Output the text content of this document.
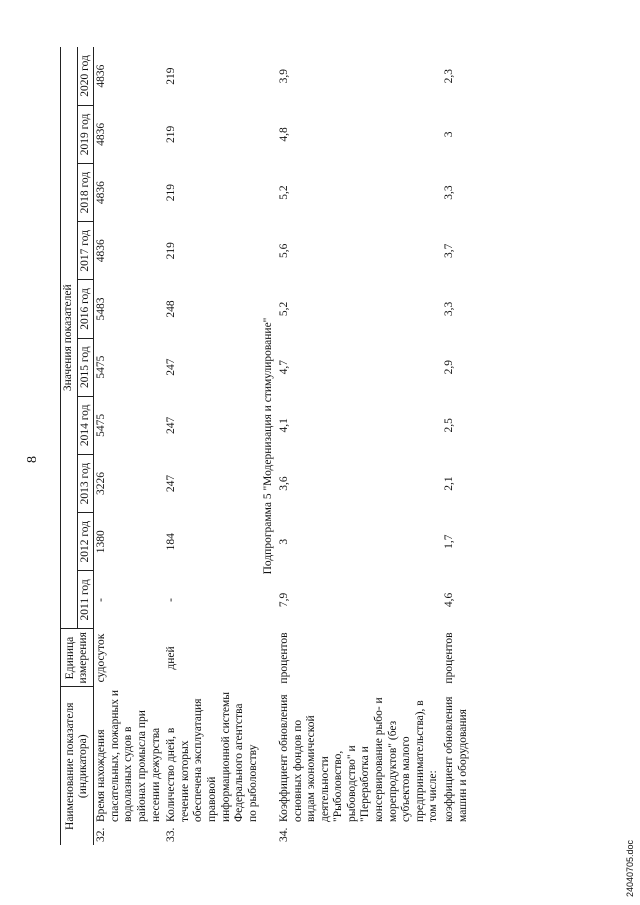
8
Наименование показателя (индикатора)		Единица измерения	Значения показателей									
			2011 год	2012 год	2013 год	2014 год	2015 год	2016 год	2017 год	2018 год	2019 год	2020 год
32.	Время нахождения спасательных, пожарных и водолазных судов в районах промысла при несении дежурства	судосуток	-	1380	3226	5475	5475	5483	4836	4836	4836	4836
33.	Количество дней, в течение которых обеспечена эксплуатация правовой информационной системы Федерального агентства по рыболовству	дней	-	184	247	247	247	248	219	219	219	219
Подпрограмма 5 "Модернизация и стимулирование"												
34.	Коэффициент обновления основных фондов по видам экономической деятельности "Рыболовство, рыбоводство" и "Переработка и консервирование рыбо- и морепродуктов" (без субъектов малого предпринимательства), в том числе:	процентов	7,9	3	3,6	4,1	4,7	5,2	5,6	5,2	4,8	3,9
	коэффициент обновления машин и оборудования	процентов	4,6	1,7	2,1	2,5	2,9	3,3	3,7	3,3	3	2,3
24040705.doc
